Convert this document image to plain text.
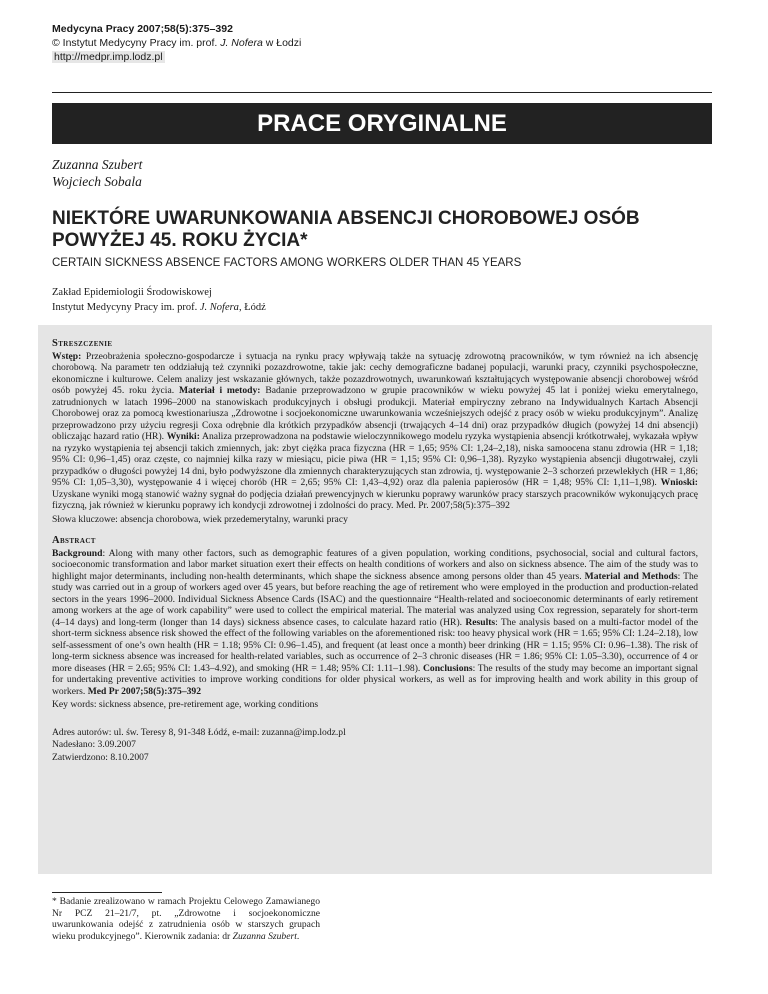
Medycyna Pracy 2007;58(5):375–392
© Instytut Medycyny Pracy im. prof. J. Nofera w Łodzi
http://medpr.imp.lodz.pl
PRACE ORYGINALNE
Zuzanna Szubert
Wojciech Sobala
NIEKTÓRE UWARUNKOWANIA ABSENCJI CHOROBOWEJ OSÓB POWYŻEJ 45. ROKU ŻYCIA*
CERTAIN SICKNESS ABSENCE FACTORS AMONG WORKERS OLDER THAN 45 YEARS
Zakład Epidemiologii Środowiskowej
Instytut Medycyny Pracy im. prof. J. Nofera, Łódź
Streszczenie

Wstęp: Przeobrażenia społeczno-gospodarcze i sytuacja na rynku pracy wpływają także na sytuację zdrowotną pracowników, w tym również na ich absencję chorobową. Na parametr ten oddziałują też czynniki pozazdrowotne, takie jak: cechy demograficzne badanej populacji, warunki pracy, czynniki psychospołeczne, ekonomiczne i kulturowe. Celem analizy jest wskazanie głównych, także pozazdrowotnych, uwarunkowań kształtujących występowanie absencji chorobowej wśród osób powyżej 45. roku życia. Materiał i metody: Badanie przeprowadzono w grupie pracowników w wieku powyżej 45 lat i poniżej wieku emerytalnego, zatrudnionych w latach 1996–2000 na stanowiskach produkcyjnych i obsługi produkcji. Materiał empiryczny zebrano na Indywidualnych Kartach Absencji Chorobowej oraz za pomocą kwestionariusza „Zdrowotne i socjoekonomiczne uwarunkowania wcześniejszych odejść z pracy osób w wieku produkcyjnym”. Analizę przeprowadzono przy użyciu regresji Coxa odrębnie dla krótkich przypadków absencji (trwających 4–14 dni) oraz przypadków długich (powyżej 14 dni absencji) obliczając hazard ratio (HR). Wyniki: Analiza przeprowadzona na podstawie wieloczynnikowego modelu ryzyka wystąpienia absencji krótkotrwałej, wykazała wpływ na ryzyko wystąpienia tej absencji takich zmiennych, jak: zbyt ciężka praca fizyczna (HR = 1,65; 95% CI: 1,24–2,18), niska samoocena stanu zdrowia (HR = 1,18; 95% CI: 0,96–1,45) oraz częste, co najmniej kilka razy w miesiącu, picie piwa (HR = 1,15; 95% CI: 0,96–1,38). Ryzyko wystąpienia absencji długotrwałej, czyli przypadków o długości powyżej 14 dni, było podwyższone dla zmiennych charakteryzujących stan zdrowia, tj. występowanie 2–3 schorzeń przewlekłych (HR = 1,86; 95% CI: 1,05–3,30), występowanie 4 i więcej chorób (HR = 2,65; 95% CI: 1,43–4,92) oraz dla palenia papierosów (HR = 1,48; 95% CI: 1,11–1,98). Wnioski: Uzyskane wyniki mogą stanowić ważny sygnał do podjęcia działań prewencyjnych w kierunku poprawy warunków pracy starszych pracowników wykonujących pracę fizyczną, jak również w kierunku poprawy ich kondycji zdrowotnej i zdolności do pracy. Med. Pr. 2007;58(5):375–392

Słowa kluczowe: absencja chorobowa, wiek przedemerytalny, warunki pracy
Abstract

Background: Along with many other factors, such as demographic features of a given population, working conditions, psychosocial, social and cultural factors, socioeconomic transformation and labor market situation exert their effects on health conditions of workers and also on sickness absence. The aim of the study was to highlight major determinants, including non-health determinants, which shape the sickness absence among persons older than 45 years. Material and Methods: The study was carried out in a group of workers aged over 45 years, but before reaching the age of retirement who were employed in the production and production-related sectors in the years 1996–2000. Individual Sickness Absence Cards (ISAC) and the questionnaire “Health-related and socioeconomic determinants of early retirement among workers at the age of work capability” were used to collect the empirical material. The material was analyzed using Cox regression, separately for short-term (4–14 days) and long-term (longer than 14 days) sickness absence cases, to calculate hazard ratio (HR). Results: The analysis based on a multi-factor model of the short-term sickness absence risk showed the effect of the following variables on the aforementioned risk: too heavy physical work (HR = 1.65; 95% CI: 1.24–2.18), low self-assessment of one’s own health (HR = 1.18; 95% CI: 0.96–1.45), and frequent (at least once a month) beer drinking (HR = 1.15; 95% CI: 0.96–1.38). The risk of long-term sickness absence was increased for health-related variables, such as occurrence of 2–3 chronic diseases (HR = 1.86; 95% CI: 1.05–3.30), occurrence of 4 or more diseases (HR = 2.65; 95% CI: 1.43–4.92), and smoking (HR = 1.48; 95% CI: 1.11–1.98). Conclusions: The results of the study may become an important signal for undertaking preventive activities to improve working conditions for older physical workers, as well as for improving health and work ability in this group of workers. Med Pr 2007;58(5):375–392

Key words: sickness absence, pre-retirement age, working conditions
Adres autorów: ul. św. Teresy 8, 91-348 Łódź, e-mail: zuzanna@imp.lodz.pl
Nadesłano: 3.09.2007
Zatwierdzono: 8.10.2007
* Badanie zrealizowano w ramach Projektu Celowego Zamawianego Nr PCZ 21–21/7, pt. „Zdrowotne i socjoekonomiczne uwarunkowania odejść z zatrudnienia osób w starszych grupach wieku produkcyjnego”. Kierownik zadania: dr Zuzanna Szubert.
